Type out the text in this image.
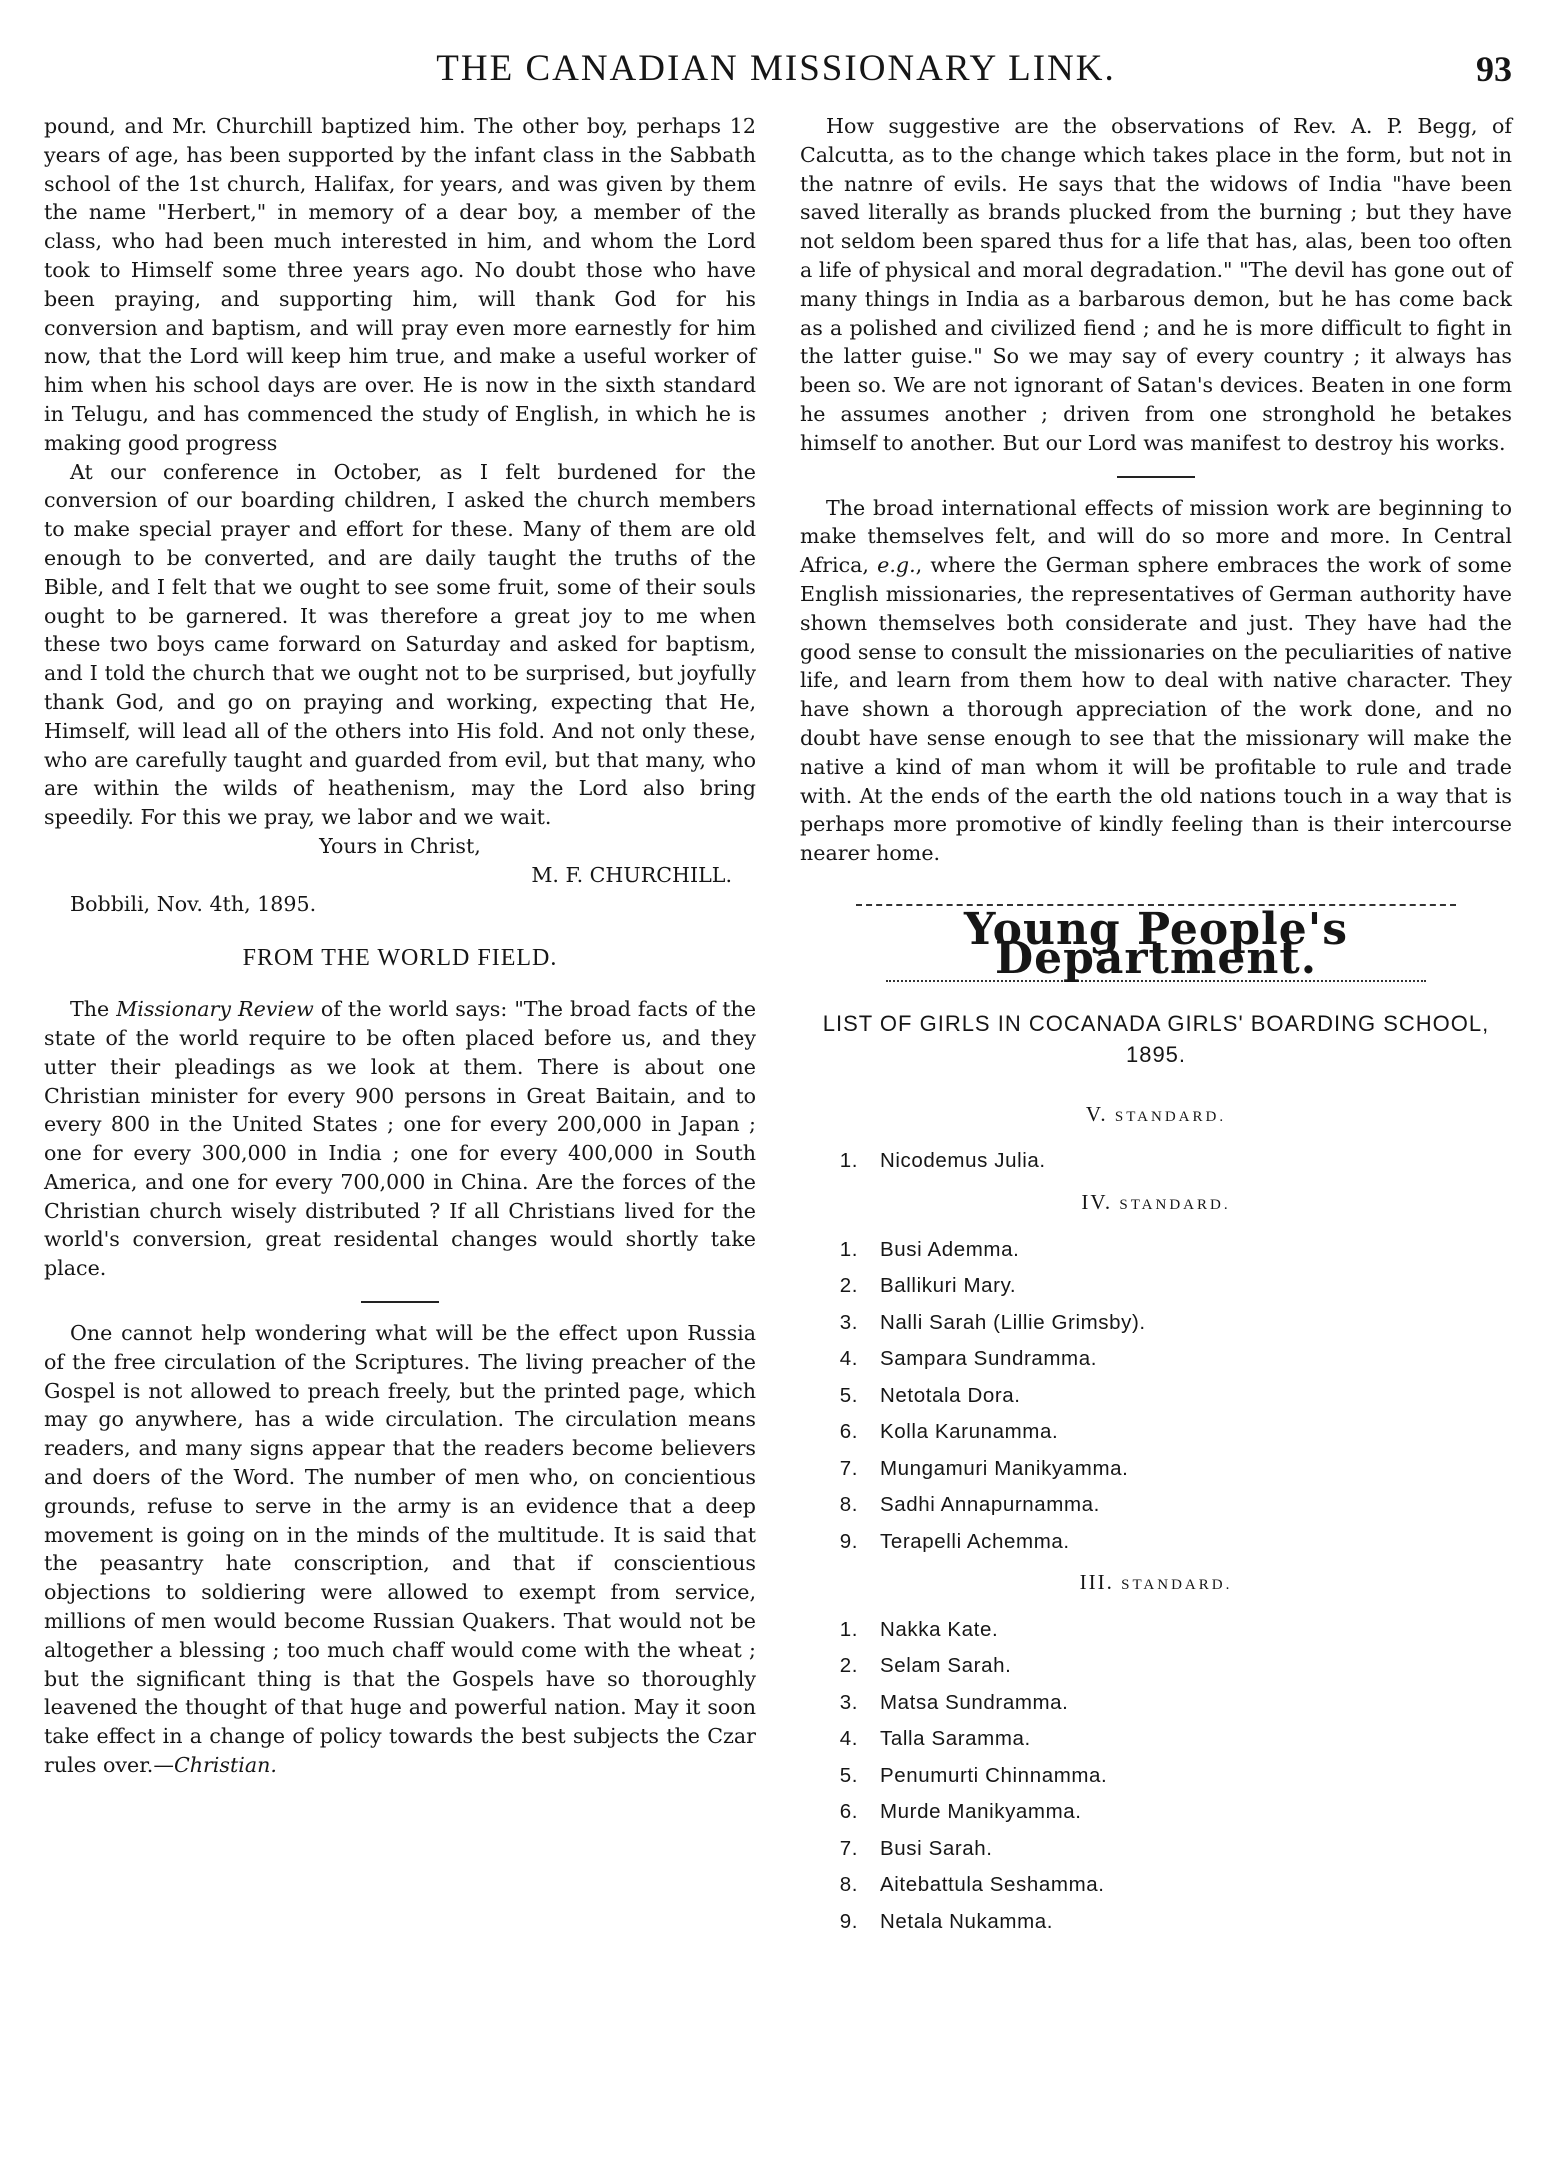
THE CANADIAN MISSIONARY LINK.	93

pound, and Mr. Churchill baptized him. The other boy, perhaps 12 years of age, has been supported by the infant class in the Sabbath school of the 1st church, Halifax, for years, and was given by them the name "Herbert," in memory of a dear boy, a member of the class, who had been much interested in him, and whom the Lord took to Himself some three years ago. No doubt those who have been praying, and supporting him, will thank God for his conversion and baptism, and will pray even more earnestly for him now, that the Lord will keep him true, and make a useful worker of him when his school days are over. He is now in the sixth standard in Telugu, and has commenced the study of English, in which he is making good progress

At our conference in October, as I felt burdened for the conversion of our boarding children, I asked the church members to make special prayer and effort for these. Many of them are old enough to be converted, and are daily taught the truths of the Bible, and I felt that we ought to see some fruit, some of their souls ought to be garnered. It was therefore a great joy to me when these two boys came forward on Saturday and asked for baptism, and I told the church that we ought not to be surprised, but joyfully thank God, and go on praying and working, expecting that He, Himself, will lead all of the others into His fold. And not only these, who are carefully taught and guarded from evil, but that many, who are within the wilds of heathenism, may the Lord also bring speedily. For this we pray, we labor and we wait.

Yours in Christ,

M. F. CHURCHILL.

Bobbili, Nov. 4th, 1895.

FROM THE WORLD FIELD.

The Missionary Review of the world says: "The broad facts of the state of the world require to be often placed before us, and they utter their pleadings as we look at them. There is about one Christian minister for every 900 persons in Great Baitain, and to every 800 in the United States ; one for every 200,000 in Japan ; one for every 300,000 in India ; one for every 400,000 in South America, and one for every 700,000 in China. Are the forces of the Christian church wisely distributed ? If all Christians lived for the world's conversion, great residental changes would shortly take place.

One cannot help wondering what will be the effect upon Russia of the free circulation of the Scriptures. The living preacher of the Gospel is not allowed to preach freely, but the printed page, which may go anywhere, has a wide circulation. The circulation means readers, and many signs appear that the readers become believers and doers of the Word. The number of men who, on concientious grounds, refuse to serve in the army is an evidence that a deep movement is going on in the minds of the multitude. It is said that the peasantry hate conscription, and that if conscientious objections to soldiering were allowed to exempt from service, millions of men would become Russian Quakers. That would not be altogether a blessing ; too much chaff would come with the wheat ; but the significant thing is that the Gospels have so thoroughly leavened the thought of that huge and powerful nation. May it soon take effect in a change of policy towards the best subjects the Czar rules over.—Christian.

How suggestive are the observations of Rev. A. P. Begg, of Calcutta, as to the change which takes place in the form, but not in the natnre of evils. He says that the widows of India "have been saved literally as brands plucked from the burning ; but they have not seldom been spared thus for a life that has, alas, been too often a life of physical and moral degradation." "The devil has gone out of many things in India as a barbarous demon, but he has come back as a polished and civilized fiend ; and he is more difficult to fight in the latter guise." So we may say of every country ; it always has been so. We are not ignorant of Satan's devices. Beaten in one form he assumes another ; driven from one stronghold he betakes himself to another. But our Lord was manifest to destroy his works.

The broad international effects of mission work are beginning to make themselves felt, and will do so more and more. In Central Africa, e.g., where the German sphere embraces the work of some English missionaries, the representatives of German authority have shown themselves both considerate and just. They have had the good sense to consult the missionaries on the peculiarities of native life, and learn from them how to deal with native character. They have shown a thorough appreciation of the work done, and no doubt have sense enough to see that the missionary will make the native a kind of man whom it will be profitable to rule and trade with. At the ends of the earth the old nations touch in a way that is perhaps more promotive of kindly feeling than is their intercourse nearer home.

Young People's Department.
LIST OF GIRLS IN COCANADA GIRLS' BOARDING SCHOOL, 1895.
V. STANDARD.
1. Nicodemus Julia.
IV. STANDARD.
1. Busi Ademma.
2. Ballikuri Mary.
3. Nalli Sarah (Lillie Grimsby).
4. Sampara Sundramma.
5. Netotala Dora.
6. Kolla Karunamma.
7. Mungamuri Manikyamma.
8. Sadhi Annapurnamma.
9. Terapelli Achemma.
III. STANDARD.
1. Nakka Kate.
2. Selam Sarah.
3. Matsa Sundramma.
4. Talla Saramma.
5. Penumurti Chinnamma.
6. Murde Manikyamma.
7. Busi Sarah.
8. Aitebattula Seshamma.
9. Netala Nukamma.
